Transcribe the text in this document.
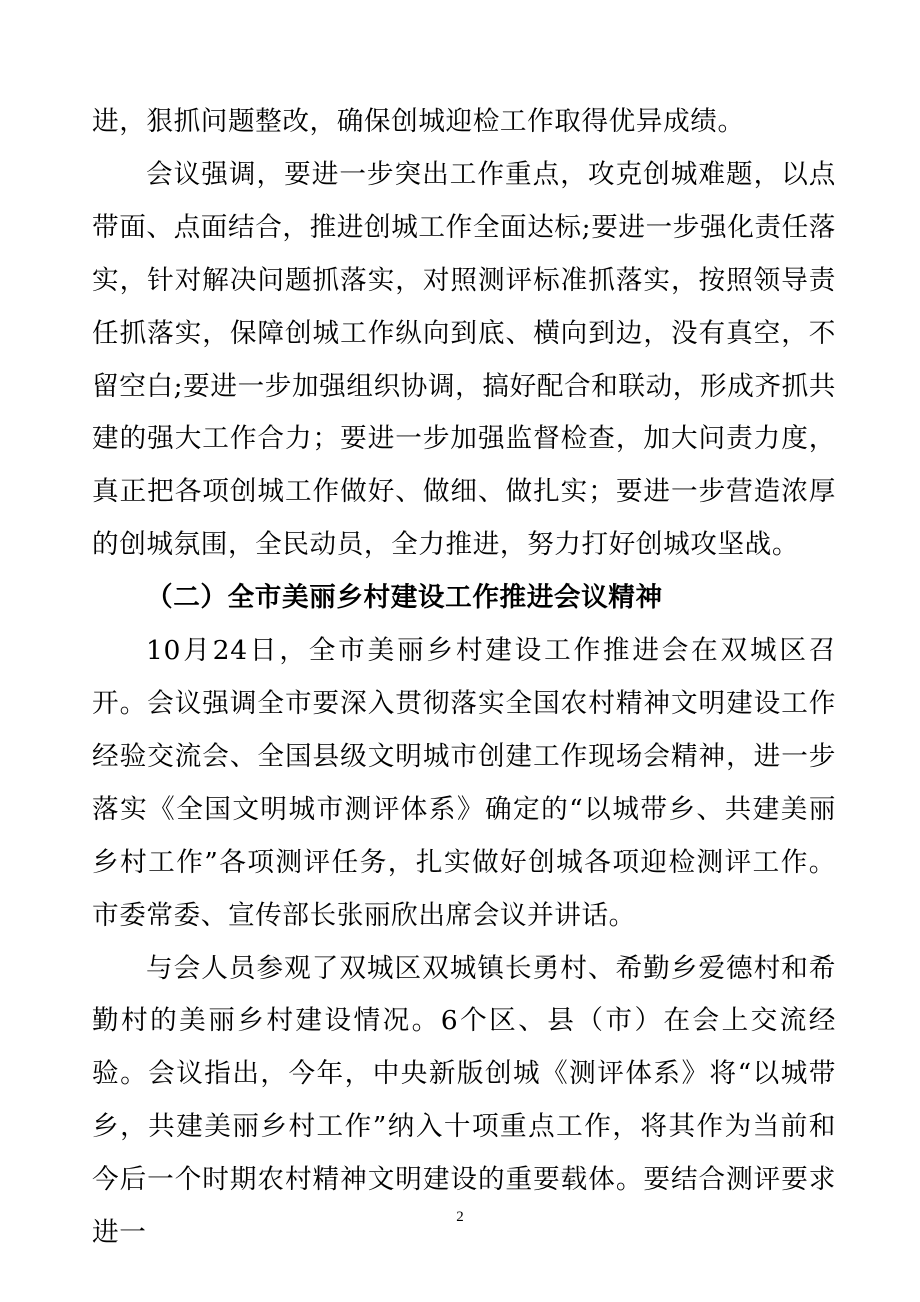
进，狠抓问题整改，确保创城迎检工作取得优异成绩。

会议强调，要进一步突出工作重点，攻克创城难题，以点带面、点面结合，推进创城工作全面达标;要进一步强化责任落实，针对解决问题抓落实，对照测评标准抓落实，按照领导责任抓落实，保障创城工作纵向到底、横向到边，没有真空，不留空白;要进一步加强组织协调，搞好配合和联动，形成齐抓共建的强大工作合力；要进一步加强监督检查，加大问责力度，真正把各项创城工作做好、做细、做扎实；要进一步营造浓厚的创城氛围，全民动员，全力推进，努力打好创城攻坚战。

（二）全市美丽乡村建设工作推进会议精神

10月24日，全市美丽乡村建设工作推进会在双城区召开。会议强调全市要深入贯彻落实全国农村精神文明建设工作经验交流会、全国县级文明城市创建工作现场会精神，进一步落实《全国文明城市测评体系》确定的“以城带乡、共建美丽乡村工作”各项测评任务，扎实做好创城各项迎检测评工作。市委常委、宣传部长张丽欣出席会议并讲话。

与会人员参观了双城区双城镇长勇村、希勤乡爱德村和希勤村的美丽乡村建设情况。6个区、县（市）在会上交流经验。会议指出，今年，中央新版创城《测评体系》将“以城带乡，共建美丽乡村工作”纳入十项重点工作，将其作为当前和今后一个时期农村精神文明建设的重要载体。要结合测评要求进一

2
